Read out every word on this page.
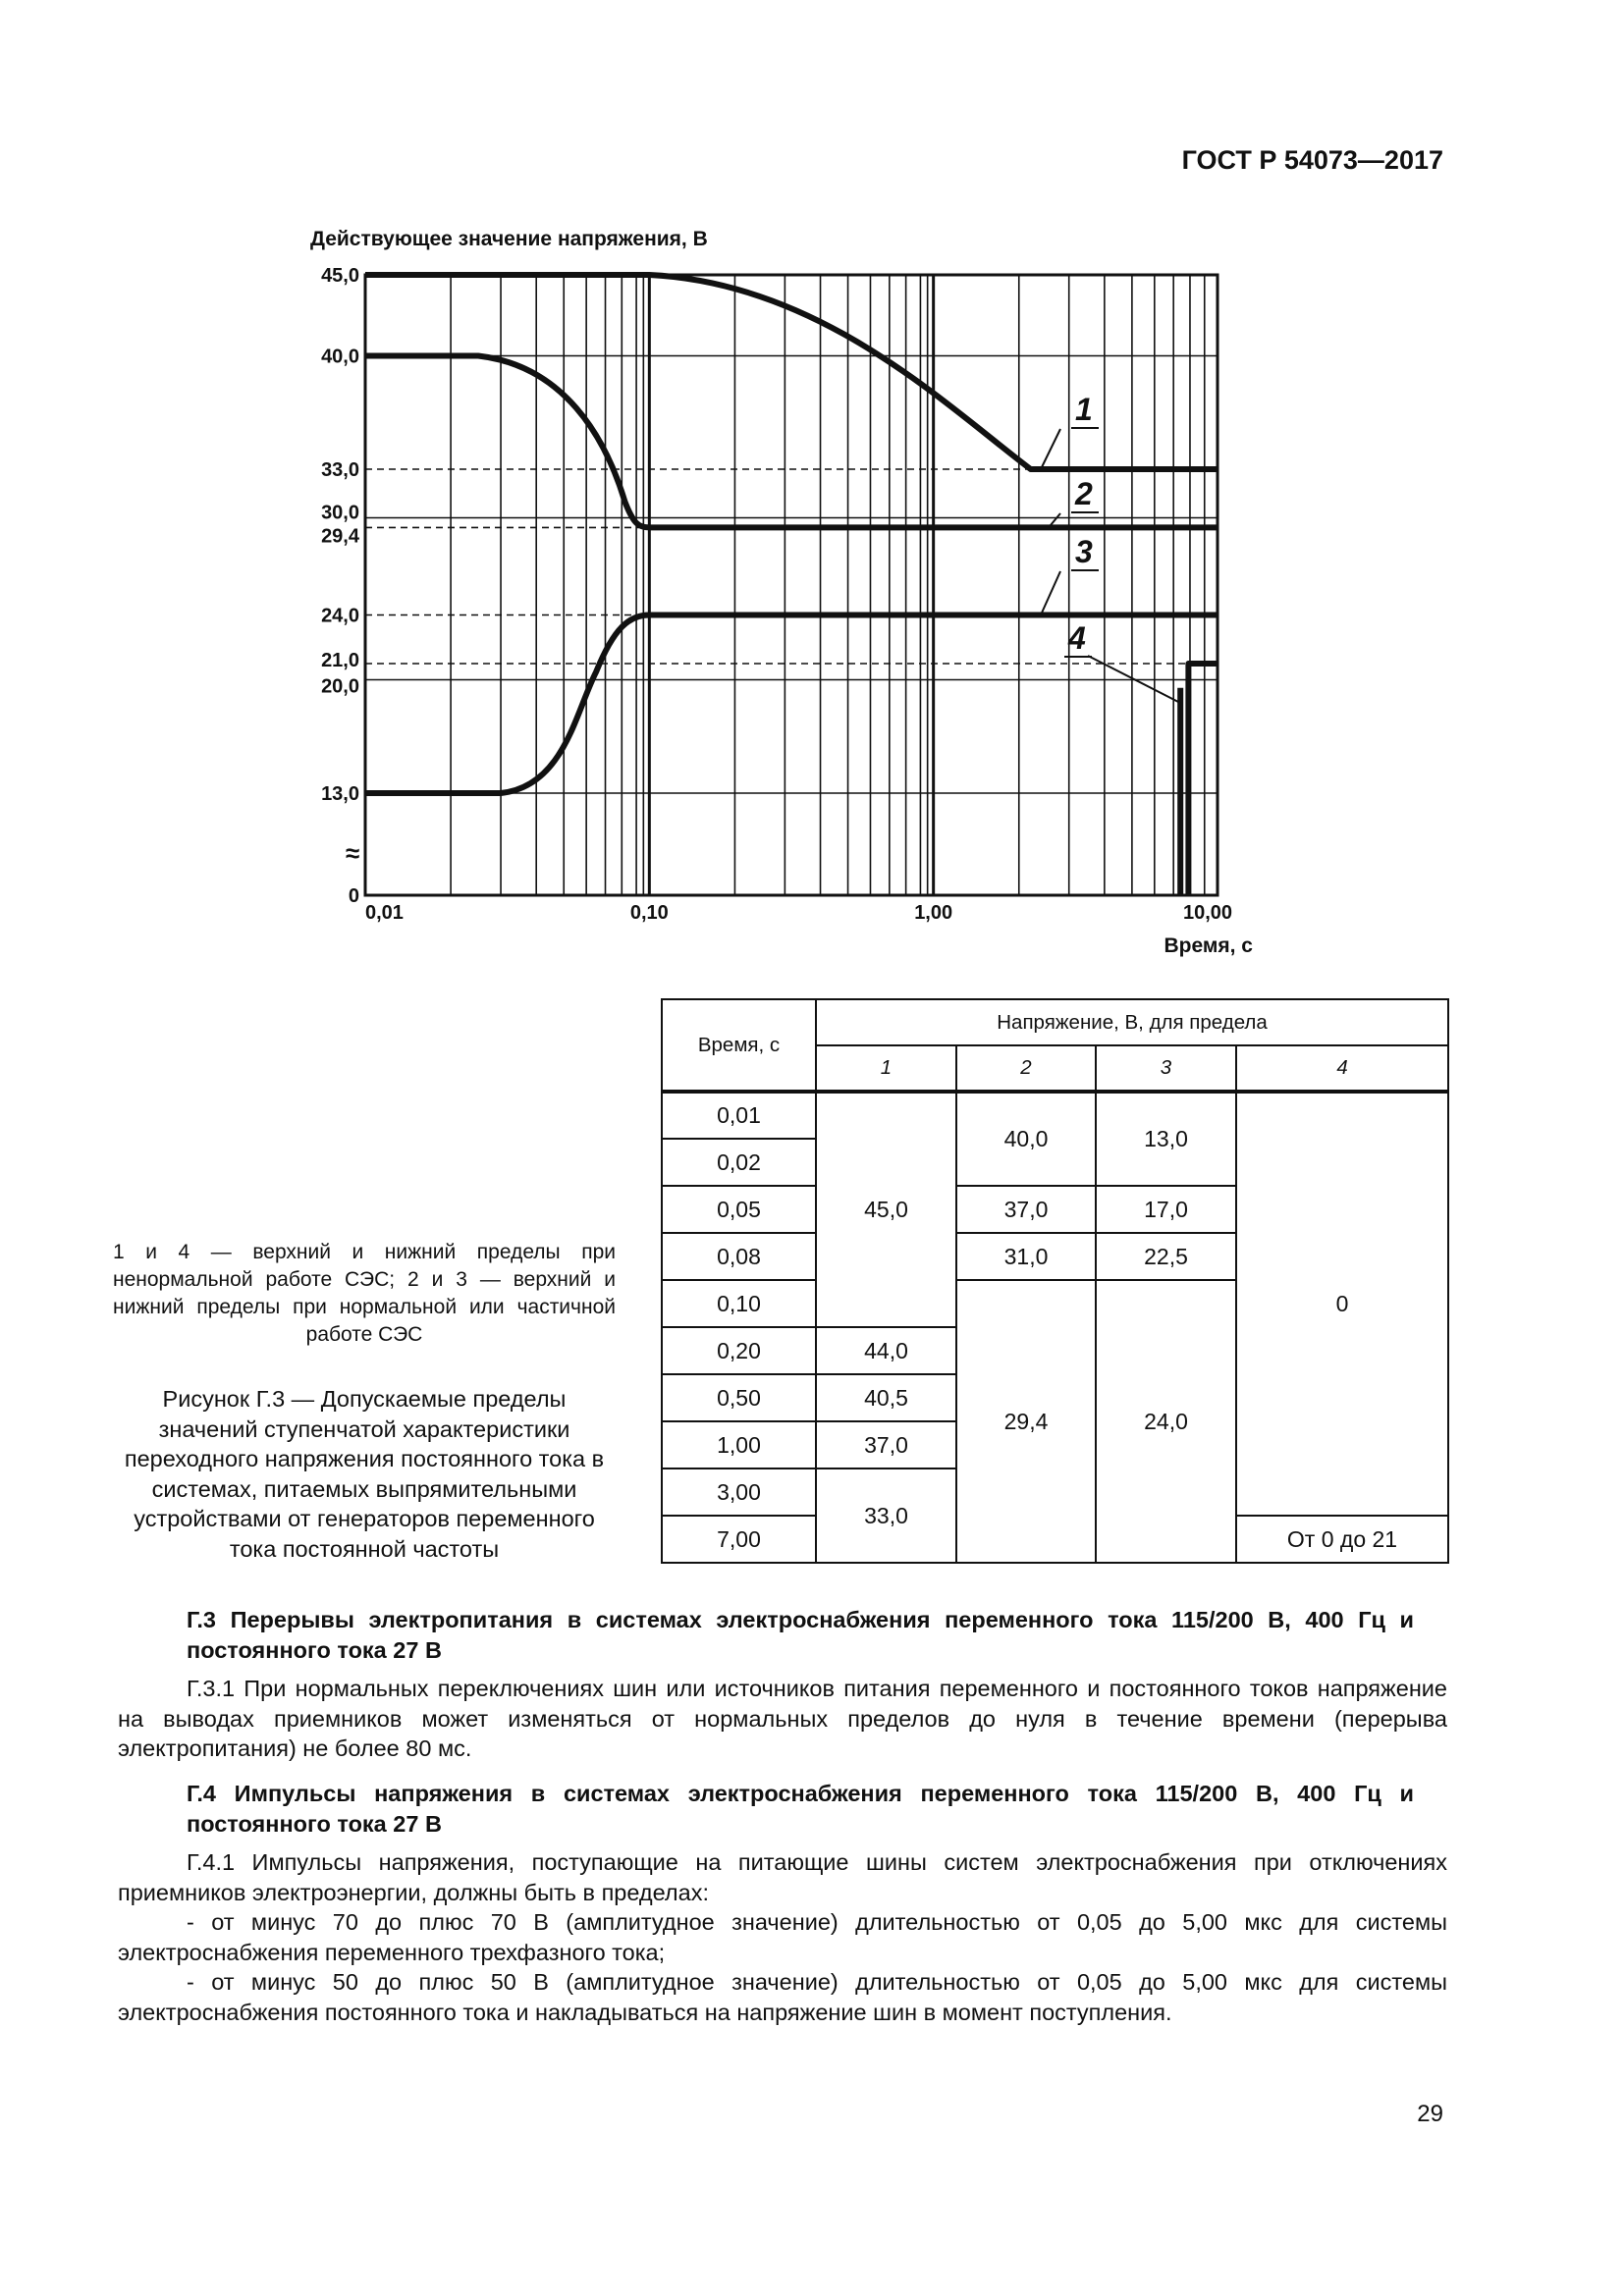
ГОСТ Р 54073—2017
45,0
40,0
33,0
30,0
29,4
24,0
21,0
20,0
13,0
0
0,01	0,10	1,00	10,00
1
2
3
4
Действующее значение напряжения, В
Время, с
≈
1 и 4 — верхний и нижний пределы при ненормальной работе СЭС; 2 и 3 — верхний и нижний пределы при нормальной или частичной работе СЭС
Рисунок Г.3 — Допускаемые пределы значений ступенчатой характеристики переходного напряжения постоянного тока в системах, питаемых выпрямительными устройствами от генераторов переменного тока постоянной частоты
Время, с	Напряжение, В, для предела			
	1	2	3	4
0,01	45,0	40,0	13,0	0
0,02				
0,05		37,0	17,0	
0,08		31,0	22,5	
0,10		29,4	24,0	
0,20	44,0			
0,50	40,5			
1,00	37,0			
3,00	33,0			
7,00				От 0 до 21
Г.3 Перерывы электропитания в системах электроснабжения переменного тока 115/200 В, 400 Гц и постоянного тока 27 В
Г.3.1 При нормальных переключениях шин или источников питания переменного и постоянного токов напряжение на выводах приемников может изменяться от нормальных пределов до нуля в течение времени (перерыва электропитания) не более 80 мс.
Г.4 Импульсы напряжения в системах электроснабжения переменного тока 115/200 В, 400 Гц и постоянного тока 27 В
Г.4.1 Импульсы напряжения, поступающие на питающие шины систем электроснабжения при отключениях приемников электроэнергии, должны быть в пределах:
- от минус 70 до плюс 70 В (амплитудное значение) длительностью от 0,05 до 5,00 мкс для системы электроснабжения переменного трехфазного тока;
- от минус 50 до плюс 50 В (амплитудное значение) длительностью от 0,05 до 5,00 мкс для системы электроснабжения постоянного тока и накладываться на напряжение шин в момент поступления.
29
